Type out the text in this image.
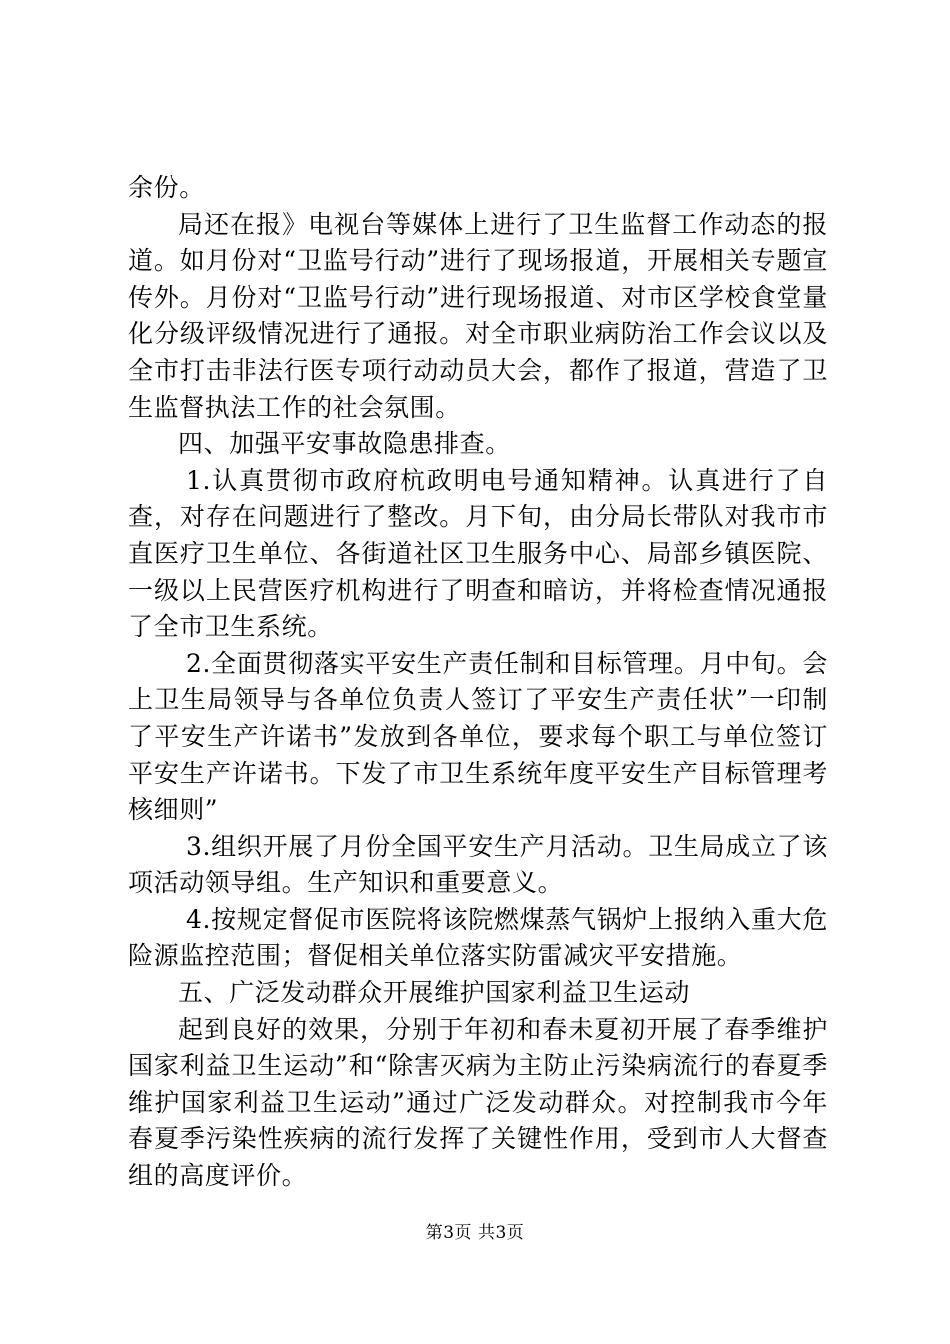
余份。

局还在报》电视台等媒体上进行了卫生监督工作动态的报道。如月份对“卫监号行动”进行了现场报道，开展相关专题宣传外。月份对“卫监号行动”进行现场报道、对市区学校食堂量化分级评级情况进行了通报。对全市职业病防治工作会议以及全市打击非法行医专项行动动员大会，都作了报道，营造了卫生监督执法工作的社会氛围。

四、加强平安事故隐患排查。

1.认真贯彻市政府杭政明电号通知精神。认真进行了自查，对存在问题进行了整改。月下旬，由分局长带队对我市市直医疗卫生单位、各街道社区卫生服务中心、局部乡镇医院、一级以上民营医疗机构进行了明查和暗访，并将检查情况通报了全市卫生系统。

2.全面贯彻落实平安生产责任制和目标管理。月中旬。会上卫生局领导与各单位负责人签订了平安生产责任状”一印制了平安生产许诺书”发放到各单位，要求每个职工与单位签订平安生产许诺书。下发了市卫生系统年度平安生产目标管理考核细则”

3.组织开展了月份全国平安生产月活动。卫生局成立了该项活动领导组。生产知识和重要意义。

4.按规定督促市医院将该院燃煤蒸气锅炉上报纳入重大危险源监控范围；督促相关单位落实防雷减灾平安措施。

五、广泛发动群众开展维护国家利益卫生运动

起到良好的效果，分别于年初和春未夏初开展了春季维护国家利益卫生运动”和“除害灭病为主防止污染病流行的春夏季维护国家利益卫生运动”通过广泛发动群众。对控制我市今年春夏季污染性疾病的流行发挥了关键性作用，受到市人大督查组的高度评价。

第3页 共3页
